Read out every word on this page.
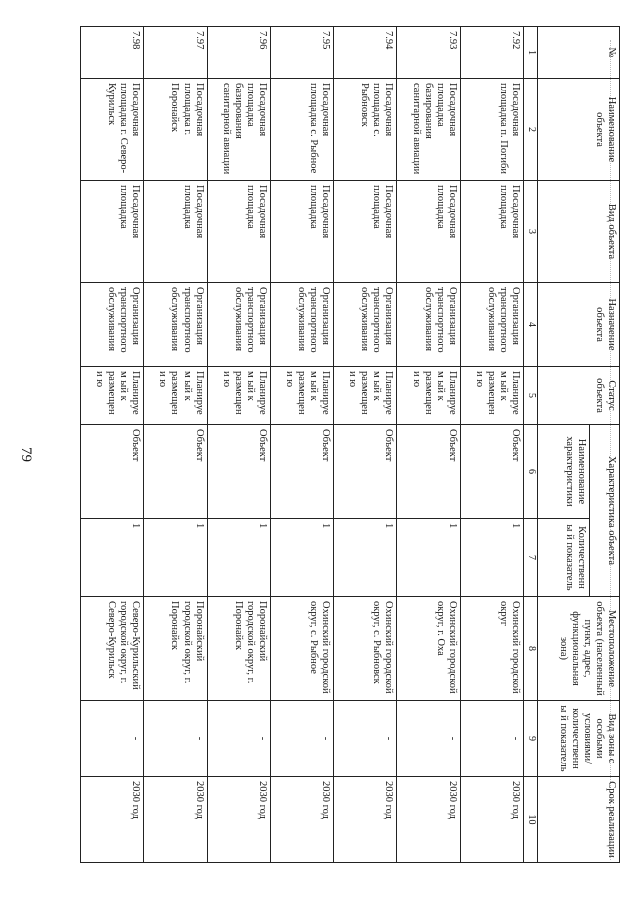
79
№	Наименование объекта	Вид объекта	Назначение объекта	Статус объекта	Характеристика объекта		Местоположение объекта (населенный пункт, адрес, функциональная зона)	Вид зоны с особыми условиями/ количественны й показатель	Срок реализации
					Наименование характеристики	Количественны й показатель			
1	2	3	4	5	6	7	8	9	10
7.92	Посадочная площадка п. Погиби	Посадочная площадка	Организация транспортного обслуживания	Планируем ый к размещени ю	Объект	1	Охинский городской округ	-	2030 год
7.93	Посадочная площадка базирования санитарной авиации	Посадочная площадка	Организация транспортного обслуживания	Планируем ый к размещени ю	Объект	1	Охинский городской округ, г. Оха	-	2030 год
7.94	Посадочная площадка с. Рыбновск	Посадочная площадка	Организация транспортного обслуживания	Планируем ый к размещени ю	Объект	1	Охинский городской округ, с. Рыбновск	-	2030 год
7.95	Посадочная площадка с. Рыбное	Посадочная площадка	Организация транспортного обслуживания	Планируем ый к размещени ю	Объект	1	Охинский городской округ, с. Рыбное	-	2030 год
7.96	Посадочная площадка базирования санитарной авиации	Посадочная площадка	Организация транспортного обслуживания	Планируем ый к размещени ю	Объект	1	Поронайский городской округ, г. Поронайск	-	2030 год
7.97	Посадочная площадка г. Поронайск	Посадочная площадка	Организация транспортного обслуживания	Планируем ый к размещени ю	Объект	1	Поронайский городской округ, г. Поронайск	-	2030 год
7.98	Посадочная площадка г. Северо-Курильск	Посадочная площадка	Организация транспортного обслуживания	Планируем ый к размещени ю	Объект	1	Северо-Курильский городской округ, г. Северо-Курильск	-	2030 год
